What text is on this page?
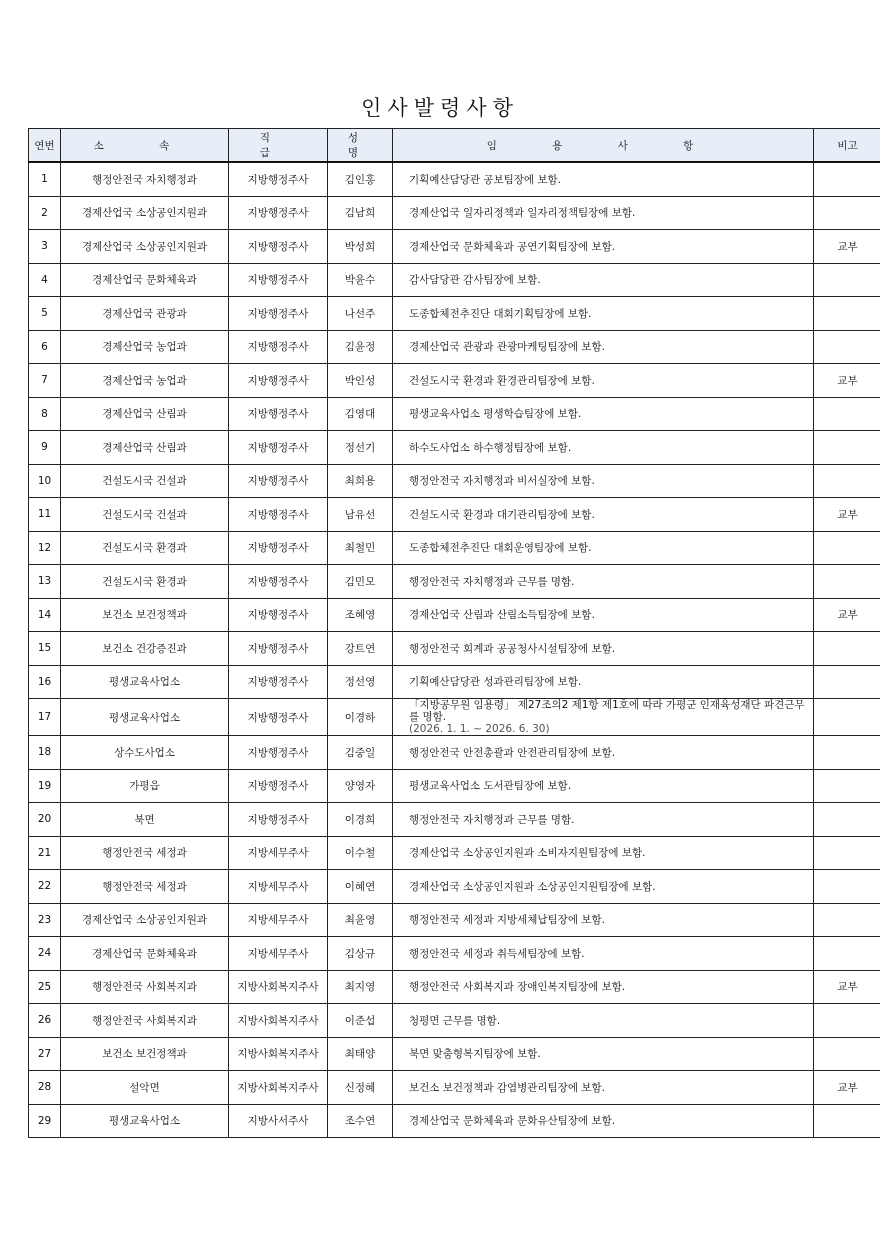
인사발령사항
연번	소 속	직 급	성 명	임 용 사 항	비고
1	행정안전국 자치행정과	지방행정주사	김인홍	기획예산담당관 공보팀장에 보함.	
2	경제산업국 소상공인지원과	지방행정주사	김남희	경제산업국 일자리정책과 일자리정책팀장에 보함.	
3	경제산업국 소상공인지원과	지방행정주사	박성희	경제산업국 문화체육과 공연기획팀장에 보함.	교부
4	경제산업국 문화체육과	지방행정주사	박윤수	감사담당관 감사팀장에 보함.	
5	경제산업국 관광과	지방행정주사	나선주	도종합체전추진단 대회기획팀장에 보함.	
6	경제산업국 농업과	지방행정주사	김윤정	경제산업국 관광과 관광마케팅팀장에 보함.	
7	경제산업국 농업과	지방행정주사	박인성	건설도시국 환경과 환경관리팀장에 보함.	교부
8	경제산업국 산림과	지방행정주사	김영대	평생교육사업소 평생학습팀장에 보함.	
9	경제산업국 산림과	지방행정주사	정선기	하수도사업소 하수행정팀장에 보함.	
10	건설도시국 건설과	지방행정주사	최희용	행정안전국 자치행정과 비서실장에 보함.	
11	건설도시국 건설과	지방행정주사	남유선	건설도시국 환경과 대기관리팀장에 보함.	교부
12	건설도시국 환경과	지방행정주사	최철민	도종합체전추진단 대회운영팀장에 보함.	
13	건설도시국 환경과	지방행정주사	김민모	행정안전국 자치행정과 근무를 명함.	
14	보건소 보건정책과	지방행정주사	조혜영	경제산업국 산림과 산림소득팀장에 보함.	교부
15	보건소 건강증진과	지방행정주사	강트연	행정안전국 회계과 공공청사시설팀장에 보함.	
16	평생교육사업소	지방행정주사	정선영	기획예산담당관 성과관리팀장에 보함.	
17	평생교육사업소	지방행정주사	이경하	「지방공무원 임용령」 제27조의2 제1항 제1호에 따라 가평군 인재육성재단 파견근무를 명함.
(2026. 1. 1. ~ 2026. 6. 30)	

18	상수도사업소	지방행정주사	김중일	행정안전국 안전총괄과 안전관리팀장에 보함.	
19	가평읍	지방행정주사	양영자	평생교육사업소 도서관팀장에 보함.	
20	북면	지방행정주사	이경희	행정안전국 자치행정과 근무를 명함.	
21	행정안전국 세정과	지방세무주사	이수철	경제산업국 소상공인지원과 소비자지원팀장에 보함.	
22	행정안전국 세정과	지방세무주사	이혜연	경제산업국 소상공인지원과 소상공인지원팀장에 보함.	
23	경제산업국 소상공인지원과	지방세무주사	최윤영	행정안전국 세정과 지방세체납팀장에 보함.	
24	경제산업국 문화체육과	지방세무주사	김상규	행정안전국 세정과 취득세팀장에 보함.	
25	행정안전국 사회복지과	지방사회복지주사	최지영	행정안전국 사회복지과 장애인복지팀장에 보함.	교부
26	행정안전국 사회복지과	지방사회복지주사	이준섭	청평면 근무를 명함.	
27	보건소 보건정책과	지방사회복지주사	최태양	북면 맞춤형복지팀장에 보함.	
28	설악면	지방사회복지주사	신정혜	보건소 보건정책과 감염병관리팀장에 보함.	교부
29	평생교육사업소	지방사서주사	조수연	경제산업국 문화체육과 문화유산팀장에 보함.	
